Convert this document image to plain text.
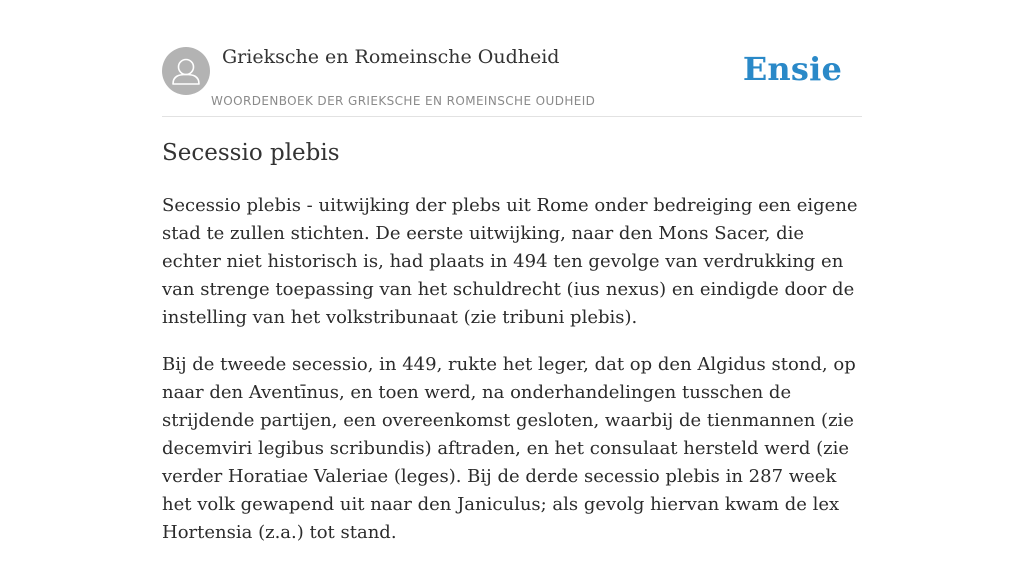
Grieksche en Romeinsche Oudheid
WOORDENBOEK DER GRIEKSCHE EN ROMEINSCHE OUDHEID
Ensie
Secessio plebis

Secessio plebis - uitwijking der plebs uit Rome onder bedreiging een eigene stad te zullen stichten. De eerste uitwijking, naar den Mons Sacer, die echter niet historisch is, had plaats in 494 ten gevolge van verdrukking en van strenge toepassing van het schuldrecht (ius nexus) en eindigde door de instelling van het volkstribunaat (zie tribuni plebis).

Bij de tweede secessio, in 449, rukte het leger, dat op den Algidus stond, op naar den Aventīnus, en toen werd, na onderhandelingen tusschen de strijdende partijen, een overeenkomst gesloten, waarbij de tienmannen (zie decemviri legibus scribundis) aftraden, en het consulaat hersteld werd (zie verder Horatiae Valeriae (leges). Bij de derde secessio plebis in 287 week het volk gewapend uit naar den Janiculus; als gevolg hiervan kwam de lex Hortensia (z.a.) tot stand.
